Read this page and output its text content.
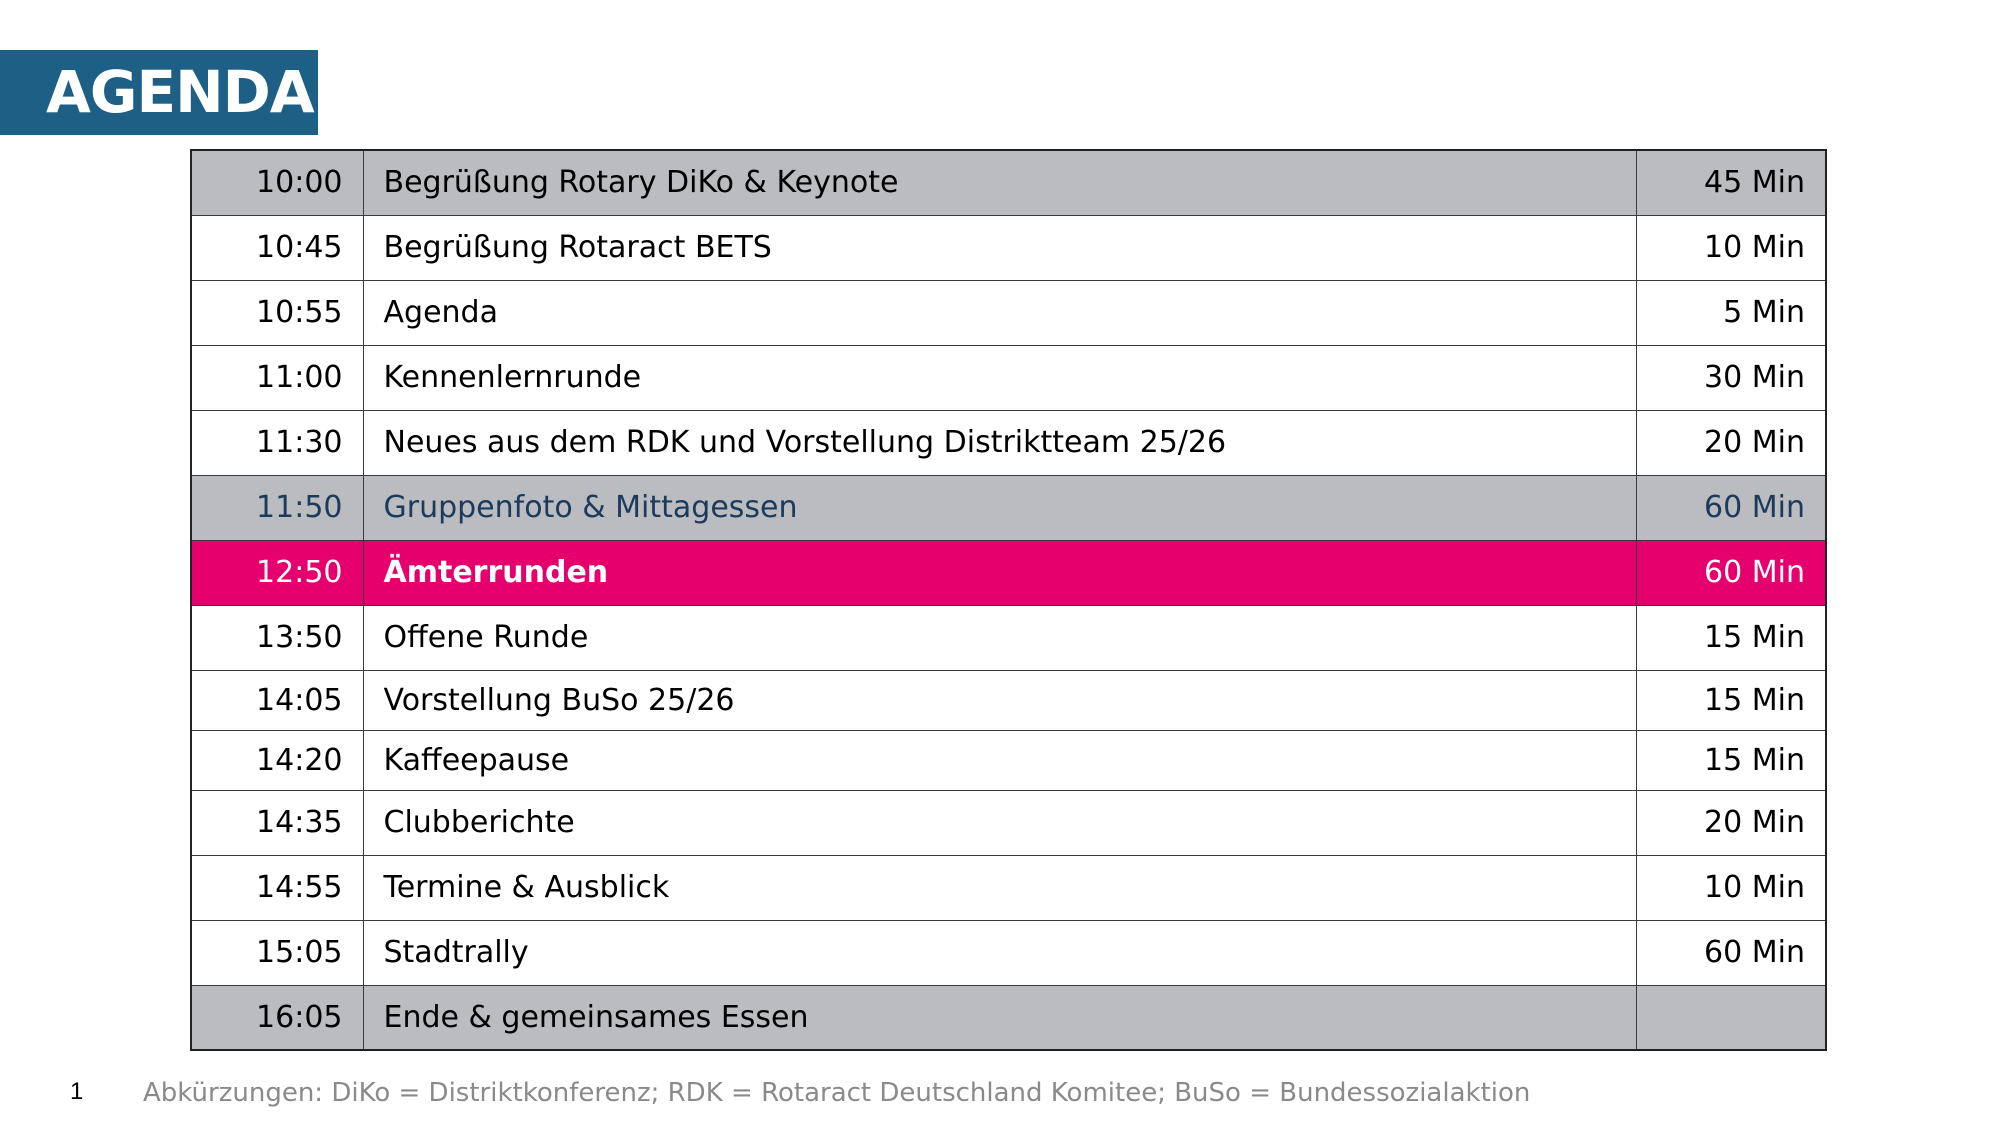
AGENDA
10:00	Begrüßung Rotary DiKo & Keynote	45 Min
10:45	Begrüßung Rotaract BETS	10 Min
10:55	Agenda	5 Min
11:00	Kennenlernrunde	30 Min
11:30	Neues aus dem RDK und Vorstellung Distriktteam 25/26	20 Min
11:50	Gruppenfoto & Mittagessen	60 Min
12:50	Ämterrunden	60 Min
13:50	Offene Runde	15 Min
14:05	Vorstellung BuSo 25/26	15 Min
14:20	Kaffeepause	15 Min
14:35	Clubberichte	20 Min
14:55	Termine & Ausblick	10 Min
15:05	Stadtrally	60 Min
16:05	Ende & gemeinsames Essen	
1 Abkürzungen: DiKo = Distriktkonferenz; RDK = Rotaract Deutschland Komitee; BuSo = Bundessozialaktion
